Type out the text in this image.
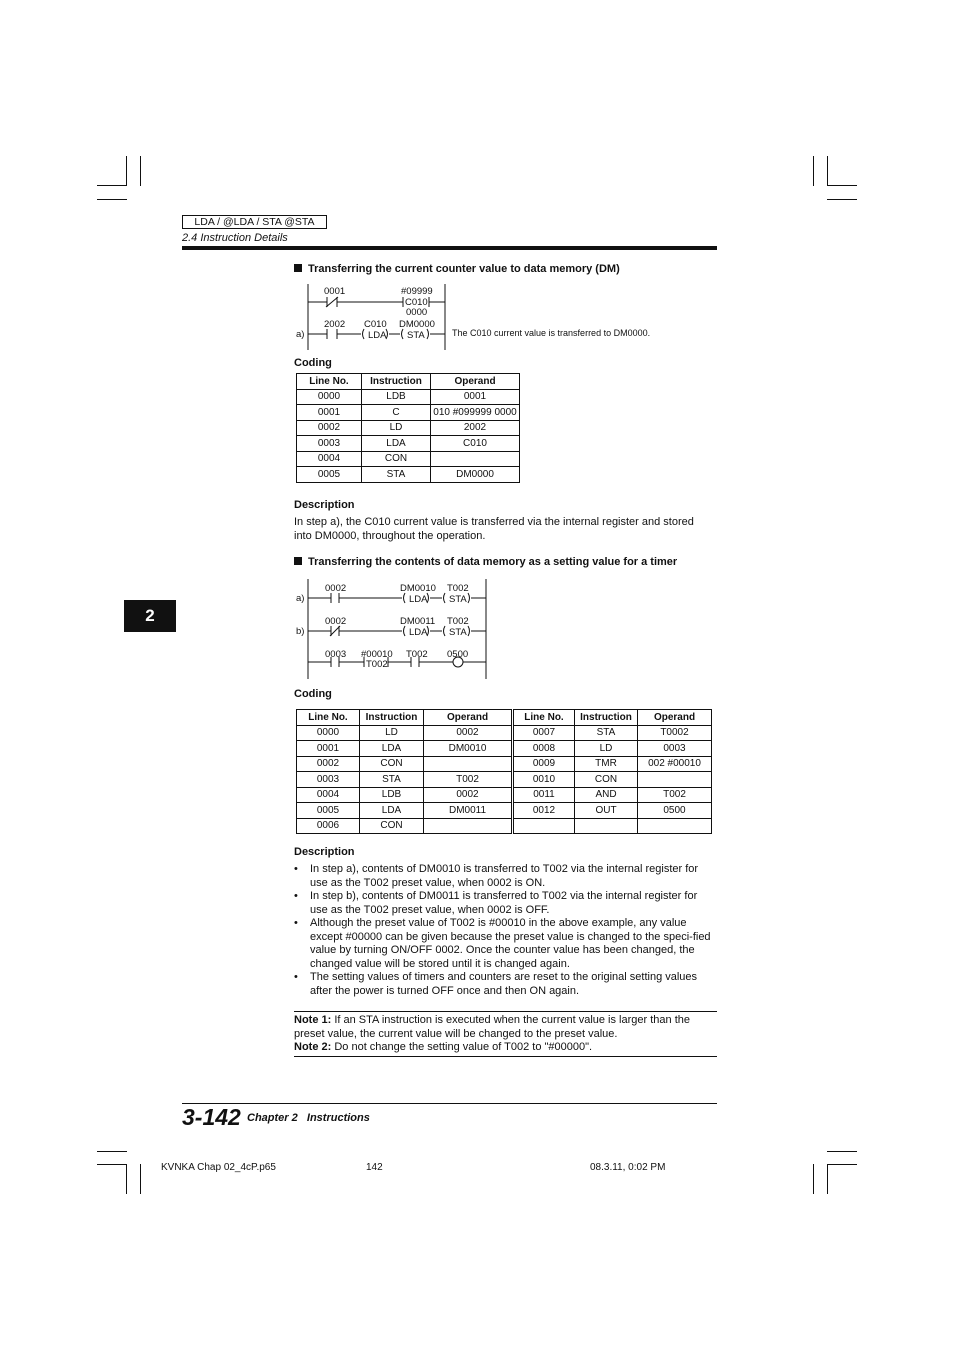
LDA / @LDA / STA @STA
2.4 Instruction Details
2
Transferring the current counter value to data memory (DM)
0001	#09999
C010
0000
a)
2002 C010
LDA
DM0000
STA	The C010 current value is transferred to DM0000.
Coding
Line No.	Instruction	Operand
0000	LDB	0001
0001	C	010 #099999 0000
0002	LD	2002
0003	LDA	C010
0004	CON	
0005	STA	DM0000
Description
In step a), the C010 current value is transferred via the internal register and stored into DM0000, throughout the operation.
Transferring the contents of data memory as a setting value for a timer
a)
0002	DM0010
LDA
T002
STA
b)
0002	DM0011
LDA
T002
STA
0003 #00010
T002
T002 0500
Coding
Line No.	Instruction	Operand	Line No.	Instruction	Operand
0000	LD	0002	0007	STA	T0002
0001	LDA	DM0010	0008	LD	0003
0002	CON		0009	TMR	002 #00010
0003	STA	T002	0010	CON	
0004	LDB	0002	0011	AND	T002
0005	LDA	DM0011	0012	OUT	0500
0006	CON				
Description
• In step a), contents of DM0010 is transferred to T002 via the internal register for use as the T002 preset value, when 0002 is ON.
• In step b), contents of DM0011 is transferred to T002 via the internal register for use as the T002 preset value, when 0002 is OFF.
• Although the preset value of T002 is #00010 in the above example, any value except #00000 can be given because the preset value is changed to the speci-fied value by turning ON/OFF 0002. Once the counter value has been changed, the changed value will be stored until it is changed again.
• The setting values of timers and counters are reset to the original setting values after the power is turned OFF once and then ON again.
Note 1: If an STA instruction is executed when the current value is larger than the preset value, the current value will be changed to the preset value.
Note 2: Do not change the setting value of T002 to "#00000".
3-142 Chapter 2   Instructions
KVNKA Chap 02_4cP.p65	142	08.3.11, 0:02 PM
